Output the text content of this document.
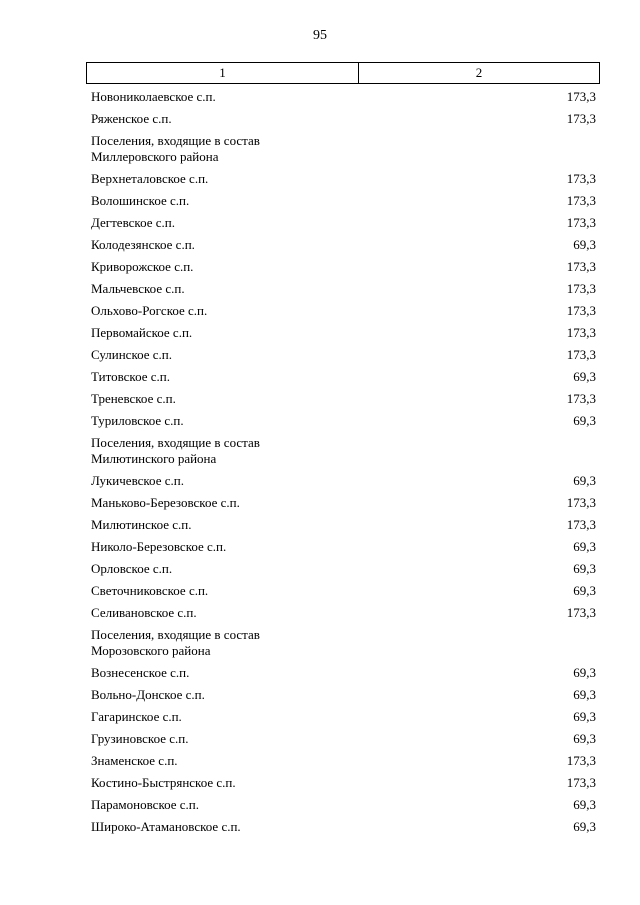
95
1	2
Новониколаевское с.п.	173,3
Ряженское с.п.	173,3
Поселения, входящие в состав Миллеровского района
Верхнеталовское с.п.	173,3
Волошинское с.п.	173,3
Дегтевское с.п.	173,3
Колодезянское с.п.	69,3
Криворожское с.п.	173,3
Мальчевское с.п.	173,3
Ольхово-Рогское с.п.	173,3
Первомайское с.п.	173,3
Сулинское с.п.	173,3
Титовское с.п.	69,3
Треневское с.п.	173,3
Туриловское с.п.	69,3
Поселения, входящие в состав Милютинского района
Лукичевское с.п.	69,3
Маньково-Березовское с.п.	173,3
Милютинское с.п.	173,3
Николо-Березовское с.п.	69,3
Орловское с.п.	69,3
Светочниковское с.п.	69,3
Селивановское с.п.	173,3
Поселения, входящие в состав Морозовского района
Вознесенское с.п.	69,3
Вольно-Донское с.п.	69,3
Гагаринское с.п.	69,3
Грузиновское с.п.	69,3
Знаменское с.п.	173,3
Костино-Быстрянское с.п.	173,3
Парамоновское с.п.	69,3
Широко-Атамановское с.п.	69,3
